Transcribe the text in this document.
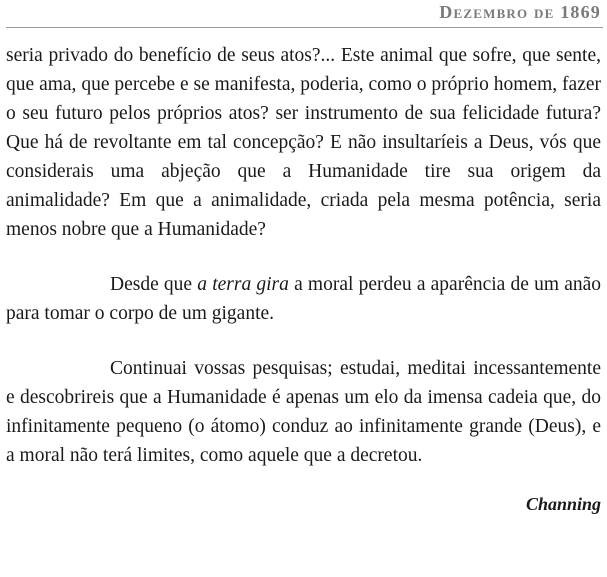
Dezembro de 1869

seria privado do benefício de seus atos?... Este animal que sofre, que sente, que ama, que percebe e se manifesta, poderia, como o próprio homem, fazer o seu futuro pelos próprios atos? ser instrumento de sua felicidade futura? Que há de revoltante em tal concepção? E não insultaríeis a Deus, vós que considerais uma abjeção que a Humanidade tire sua origem da animalidade? Em que a animalidade, criada pela mesma potência, seria menos nobre que a Humanidade?

Desde que a terra gira a moral perdeu a aparência de um anão para tomar o corpo de um gigante.

Continuai vossas pesquisas; estudai, meditai incessantemente e descobrireis que a Humanidade é apenas um elo da imensa cadeia que, do infinitamente pequeno (o átomo) conduz ao infinitamente grande (Deus), e a moral não terá limites, como aquele que a decretou.

Channing
